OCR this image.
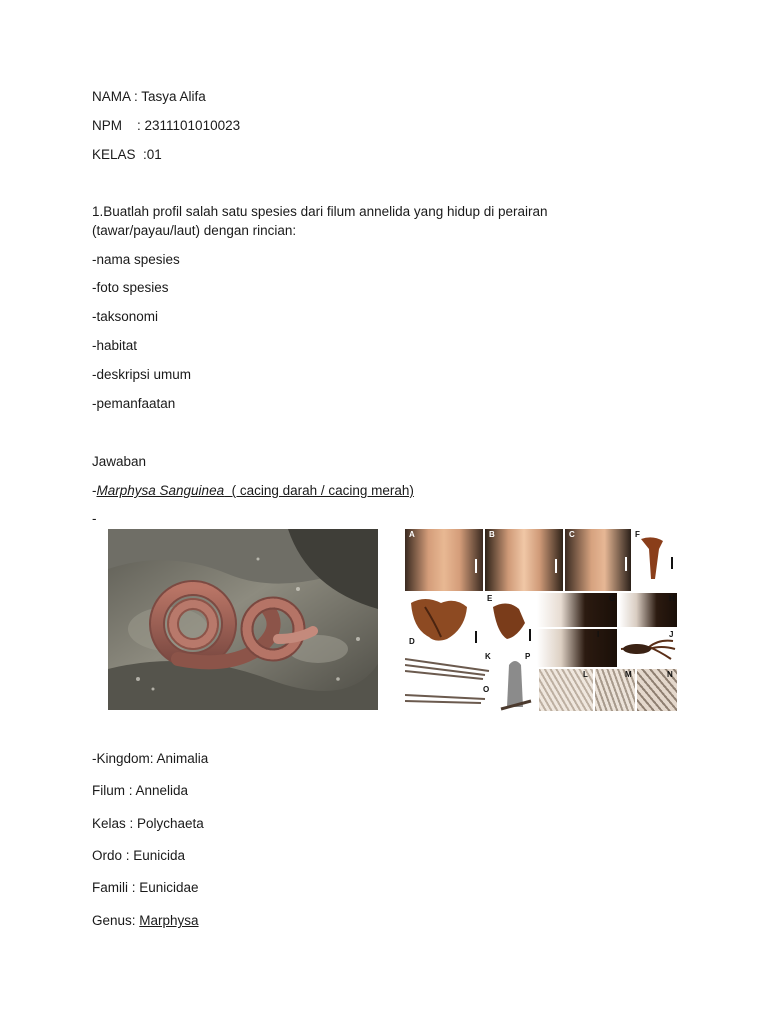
NAMA : Tasya Alifa
NPM    : 2311101010023
KELAS  :01
1.Buatlah profil salah satu spesies dari filum annelida yang hidup di perairan (tawar/payau/laut) dengan rincian:
-nama spesies
-foto spesies
-taksonomi
-habitat
-deskripsi umum
-pemanfaatan
Jawaban
-Marphysa Sanguinea  ( cacing darah / cacing merah)
-
A	B	C	F
D
E	G	H
I	J
K	P
O
L	M	N
-Kingdom: Animalia
Filum : Annelida
Kelas : Polychaeta
Ordo : Eunicida
Famili : Eunicidae
Genus: Marphysa
